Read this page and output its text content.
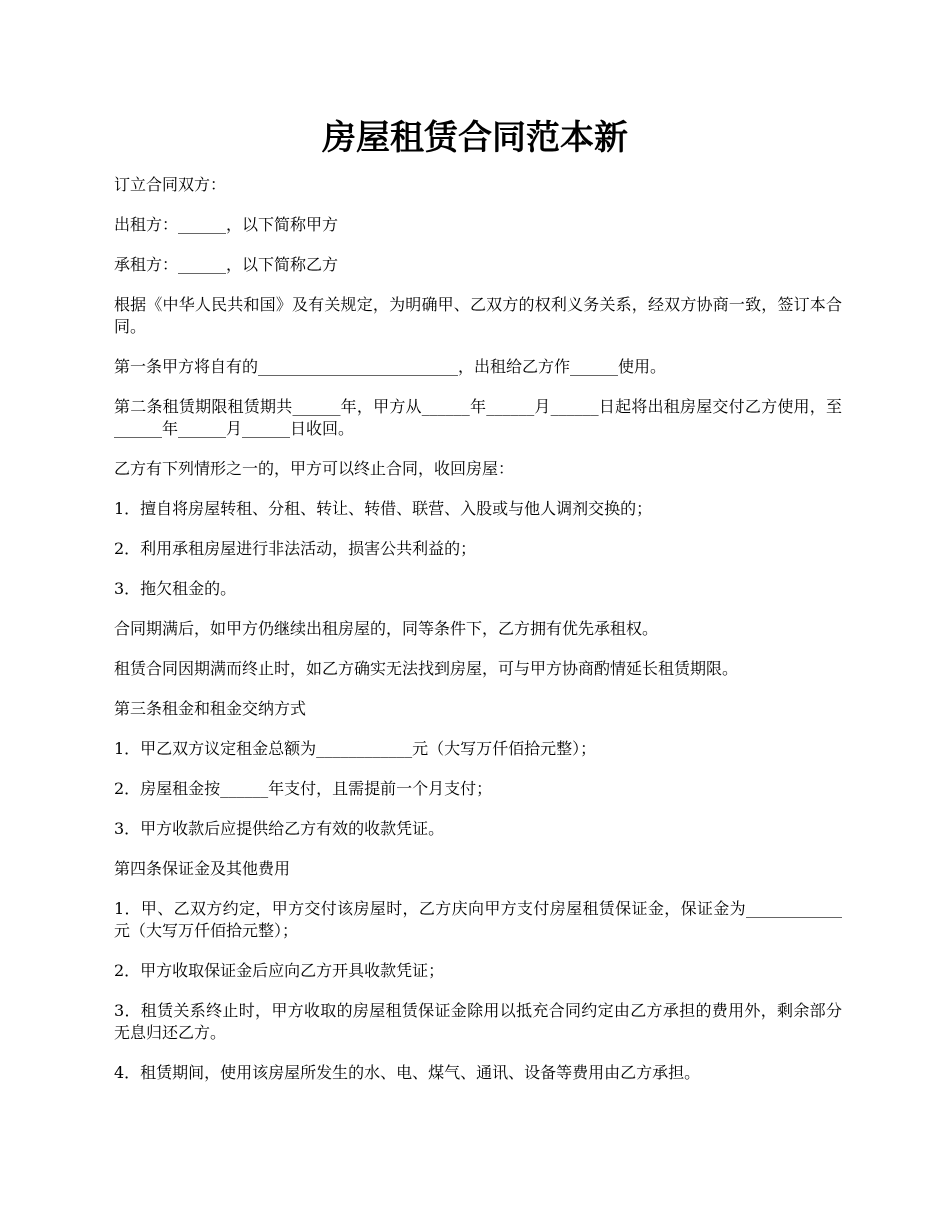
房屋租赁合同范本新

订立合同双方：

出租方：______，以下简称甲方

承租方：______，以下简称乙方

根据《中华人民共和国》及有关规定，为明确甲、乙双方的权利义务关系，经双方协商一致，签订本合同。

第一条甲方将自有的_________________________，出租给乙方作______使用。

第二条租赁期限租赁期共______年，甲方从______年______月______日起将出租房屋交付乙方使用，至______年______月______日收回。

乙方有下列情形之一的，甲方可以终止合同，收回房屋：

1．擅自将房屋转租、分租、转让、转借、联营、入股或与他人调剂交换的；

2．利用承租房屋进行非法活动，损害公共利益的；

3．拖欠租金的。

合同期满后，如甲方仍继续出租房屋的，同等条件下，乙方拥有优先承租权。

租赁合同因期满而终止时，如乙方确实无法找到房屋，可与甲方协商酌情延长租赁期限。

第三条租金和租金交纳方式

1．甲乙双方议定租金总额为____________元（大写万仟佰拾元整）；

2．房屋租金按______年支付，且需提前一个月支付；

3．甲方收款后应提供给乙方有效的收款凭证。

第四条保证金及其他费用

1．甲、乙双方约定，甲方交付该房屋时，乙方庆向甲方支付房屋租赁保证金，保证金为____________元（大写万仟佰拾元整）；

2．甲方收取保证金后应向乙方开具收款凭证；

3．租赁关系终止时，甲方收取的房屋租赁保证金除用以抵充合同约定由乙方承担的费用外，剩余部分无息归还乙方。

4．租赁期间，使用该房屋所发生的水、电、煤气、通讯、设备等费用由乙方承担。
